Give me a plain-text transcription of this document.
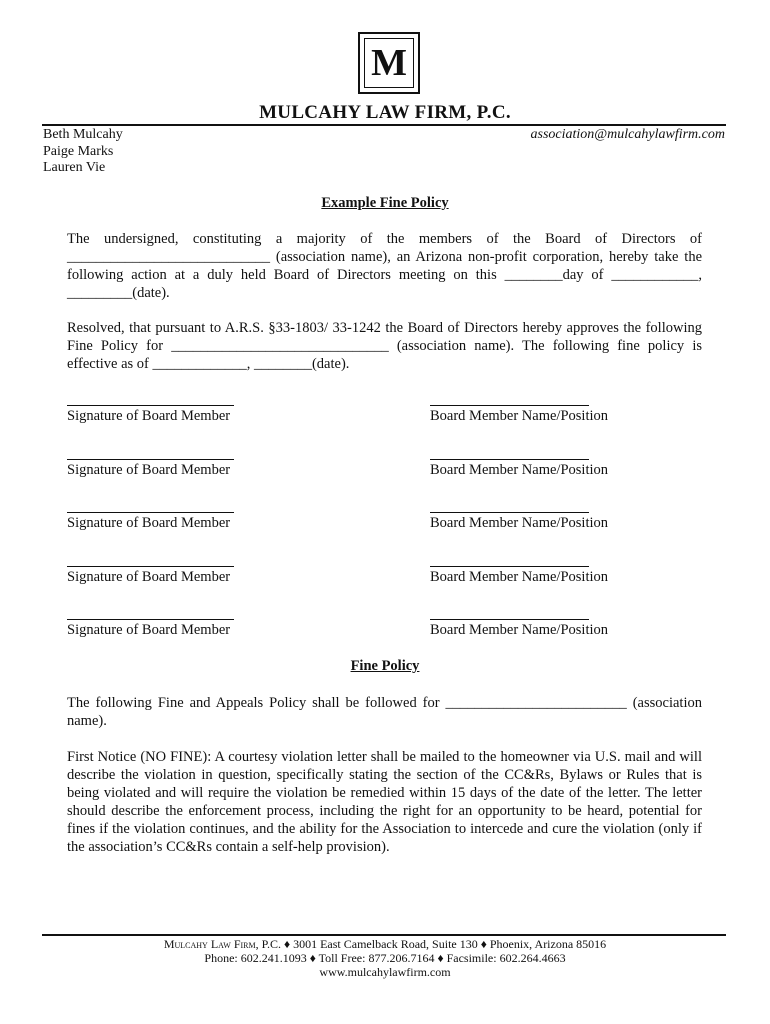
M
MULCAHY LAW FIRM, P.C.
Beth Mulcahy
Paige Marks
Lauren Vie
association@mulcahylawfirm.com
Example Fine Policy

The undersigned, constituting a majority of the members of the Board of Directors of ____________________________ (association name), an Arizona non-profit corporation, hereby take the following action at a duly held Board of Directors meeting on this ________day of ____________, _________(date).

Resolved, that pursuant to A.R.S. §33-1803/ 33-1242 the Board of Directors hereby approves the following Fine Policy for ______________________________ (association name). The following fine policy is effective as of _____________, ________(date).

Signature of Board Member	Board Member Name/Position
Signature of Board Member	Board Member Name/Position
Signature of Board Member	Board Member Name/Position
Signature of Board Member	Board Member Name/Position
Signature of Board Member	Board Member Name/Position
Fine Policy

The following Fine and Appeals Policy shall be followed for _________________________ (association name).

First Notice (NO FINE): A courtesy violation letter shall be mailed to the homeowner via U.S. mail and will describe the violation in question, specifically stating the section of the CC&Rs, Bylaws or Rules that is being violated and will require the violation be remedied within 15 days of the date of the letter. The letter should describe the enforcement process, including the right for an opportunity to be heard, potential for fines if the violation continues, and the ability for the Association to intercede and cure the violation (only if the association’s CC&Rs contain a self-help provision).

Mulcahy Law Firm, P.C. ♦ 3001 East Camelback Road, Suite 130 ♦ Phoenix, Arizona 85016
Phone: 602.241.1093 ♦ Toll Free: 877.206.7164 ♦ Facsimile: 602.264.4663
www.mulcahylawfirm.com
